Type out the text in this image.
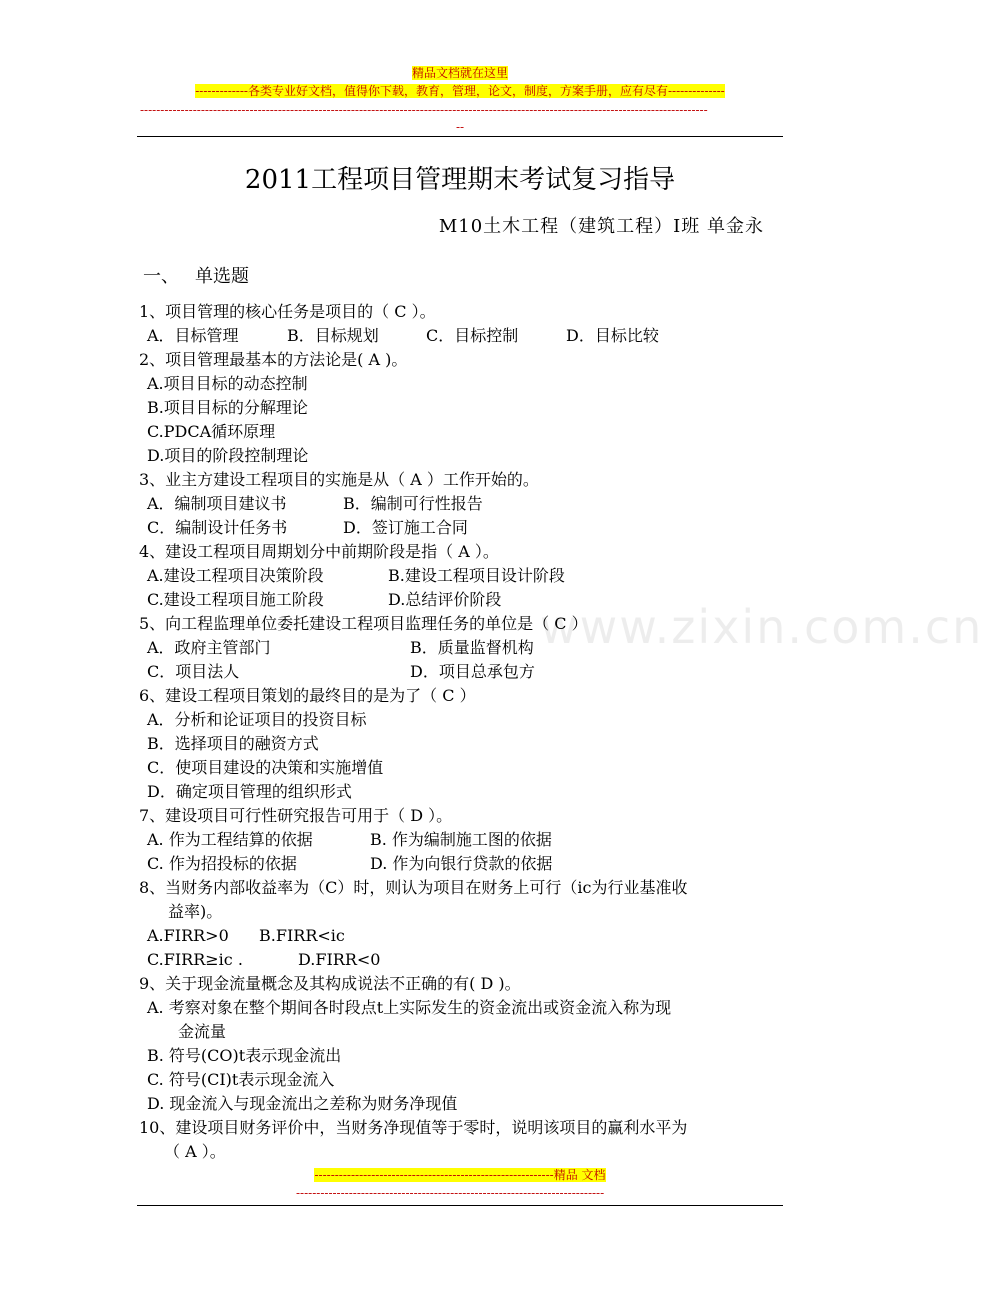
精品文档就在这里
-------------各类专业好文档，值得你下载，教育，管理，论文，制度，方案手册，应有尽有--------------
--------------------------------------------------------------------------------------------------------------------------------------------
--
www.zixin.com.cn
2011工程项目管理期末考试复习指导
M10土木工程（建筑工程）Ⅰ班 单金永
一、 单选题
1、项目管理的核心任务是项目的（ C ）。
A．目标管理	B．目标规划	C．目标控制	D．目标比较
2、项目管理最基本的方法论是( A )。
A.项目目标的动态控制
B.项目目标的分解理论
C.PDCA循环原理
D.项目的阶段控制理论
3、业主方建设工程项目的实施是从（ A ）工作开始的。
A．编制项目建议书	B．编制可行性报告
C．编制设计任务书	D．签订施工合同
4、建设工程项目周期划分中前期阶段是指（ A ）。
A.建设工程项目决策阶段	B.建设工程项目设计阶段
C.建设工程项目施工阶段	D.总结评价阶段
5、向工程监理单位委托建设工程项目监理任务的单位是（ C ）
A．政府主管部门	B．质量监督机构
C．项目法人	D．项目总承包方
6、建设工程项目策划的最终目的是为了（ C ）
A．分析和论证项目的投资目标
B．选择项目的融资方式
C．使项目建设的决策和实施增值
D．确定项目管理的组织形式
7、建设项目可行性研究报告可用于（ D ）。
A. 作为工程结算的依据	B. 作为编制施工图的依据
C. 作为招投标的依据	D. 作为向银行贷款的依据
8、当财务内部收益率为（C）时，则认为项目在财务上可行（ic为行业基准收
益率)。
A.FIRR>0 B.FIRR<ic
C.FIRR≥ic .	D.FIRR<0
9、关于现金流量概念及其构成说法不正确的有( D )。
A. 考察对象在整个期间各时段点t上实际发生的资金流出或资金流入称为现
金流量
B. 符号(CO)t表示现金流出
C. 符号(CI)t表示现金流入
D. 现金流入与现金流出之差称为财务净现值
10、建设项目财务评价中，当财务净现值等于零时，说明该项目的赢利水平为
（ A ）。
-----------------------------------------------------------精品 文档
----------------------------------------------------------------------------
